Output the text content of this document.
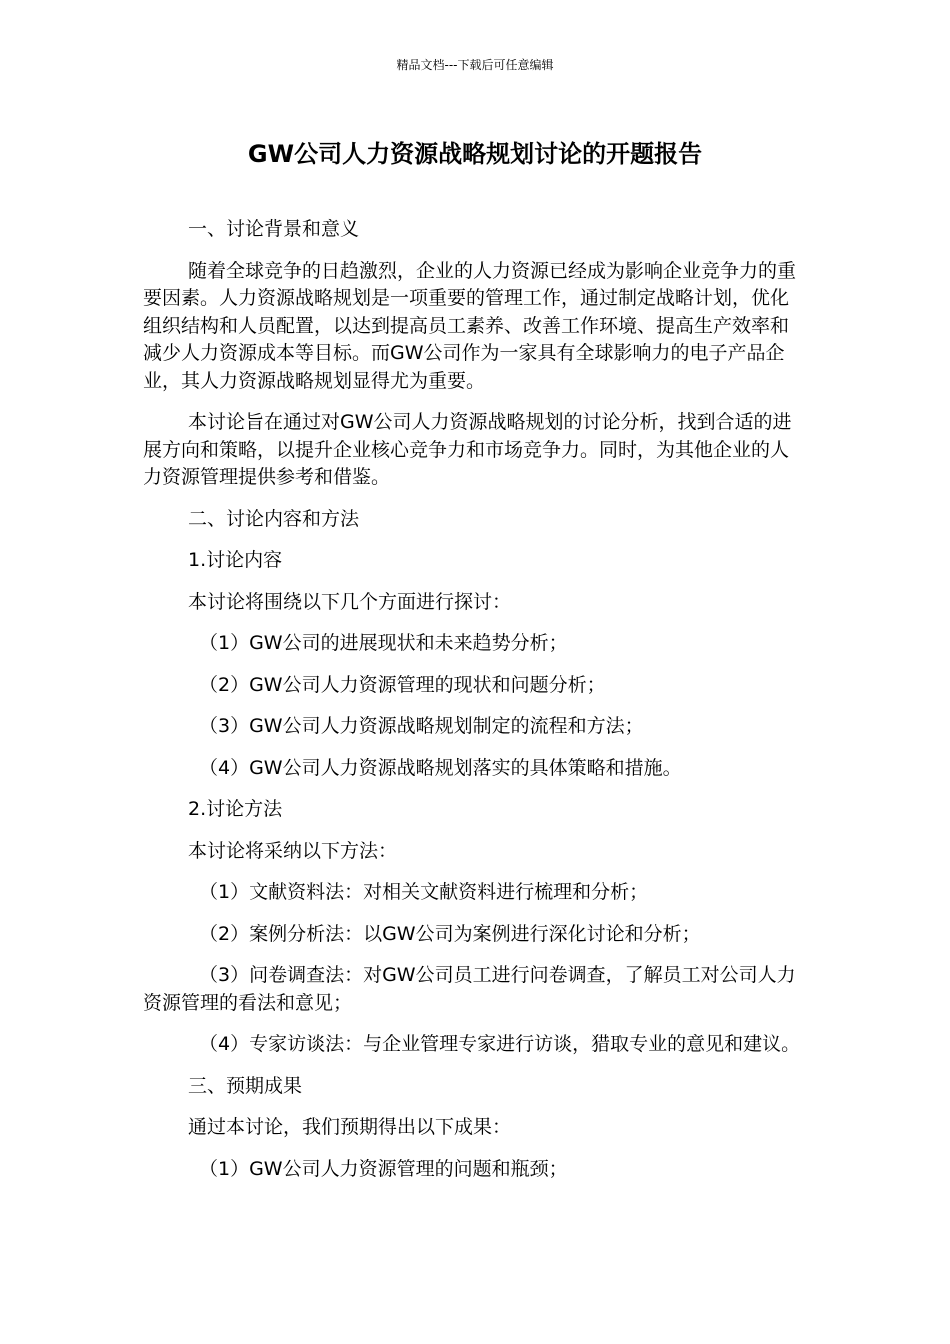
精品文档---下载后可任意编辑
GW公司人力资源战略规划讨论的开题报告

一、讨论背景和意义

随着全球竞争的日趋激烈，企业的人力资源已经成为影响企业竞争力的重要因素。人力资源战略规划是一项重要的管理工作，通过制定战略计划，优化组织结构和人员配置，以达到提高员工素养、改善工作环境、提高生产效率和减少人力资源成本等目标。而GW公司作为一家具有全球影响力的电子产品企业，其人力资源战略规划显得尤为重要。

本讨论旨在通过对GW公司人力资源战略规划的讨论分析，找到合适的进展方向和策略，以提升企业核心竞争力和市场竞争力。同时，为其他企业的人力资源管理提供参考和借鉴。

二、讨论内容和方法

1.讨论内容

本讨论将围绕以下几个方面进行探讨：

（1）GW公司的进展现状和未来趋势分析；

（2）GW公司人力资源管理的现状和问题分析；

（3）GW公司人力资源战略规划制定的流程和方法；

（4）GW公司人力资源战略规划落实的具体策略和措施。

2.讨论方法

本讨论将采纳以下方法：

（1）文献资料法：对相关文献资料进行梳理和分析；

（2）案例分析法：以GW公司为案例进行深化讨论和分析；

（3）问卷调查法：对GW公司员工进行问卷调查，了解员工对公司人力资源管理的看法和意见；

（4）专家访谈法：与企业管理专家进行访谈，猎取专业的意见和建议。

三、预期成果

通过本讨论，我们预期得出以下成果：

（1）GW公司人力资源管理的问题和瓶颈；
